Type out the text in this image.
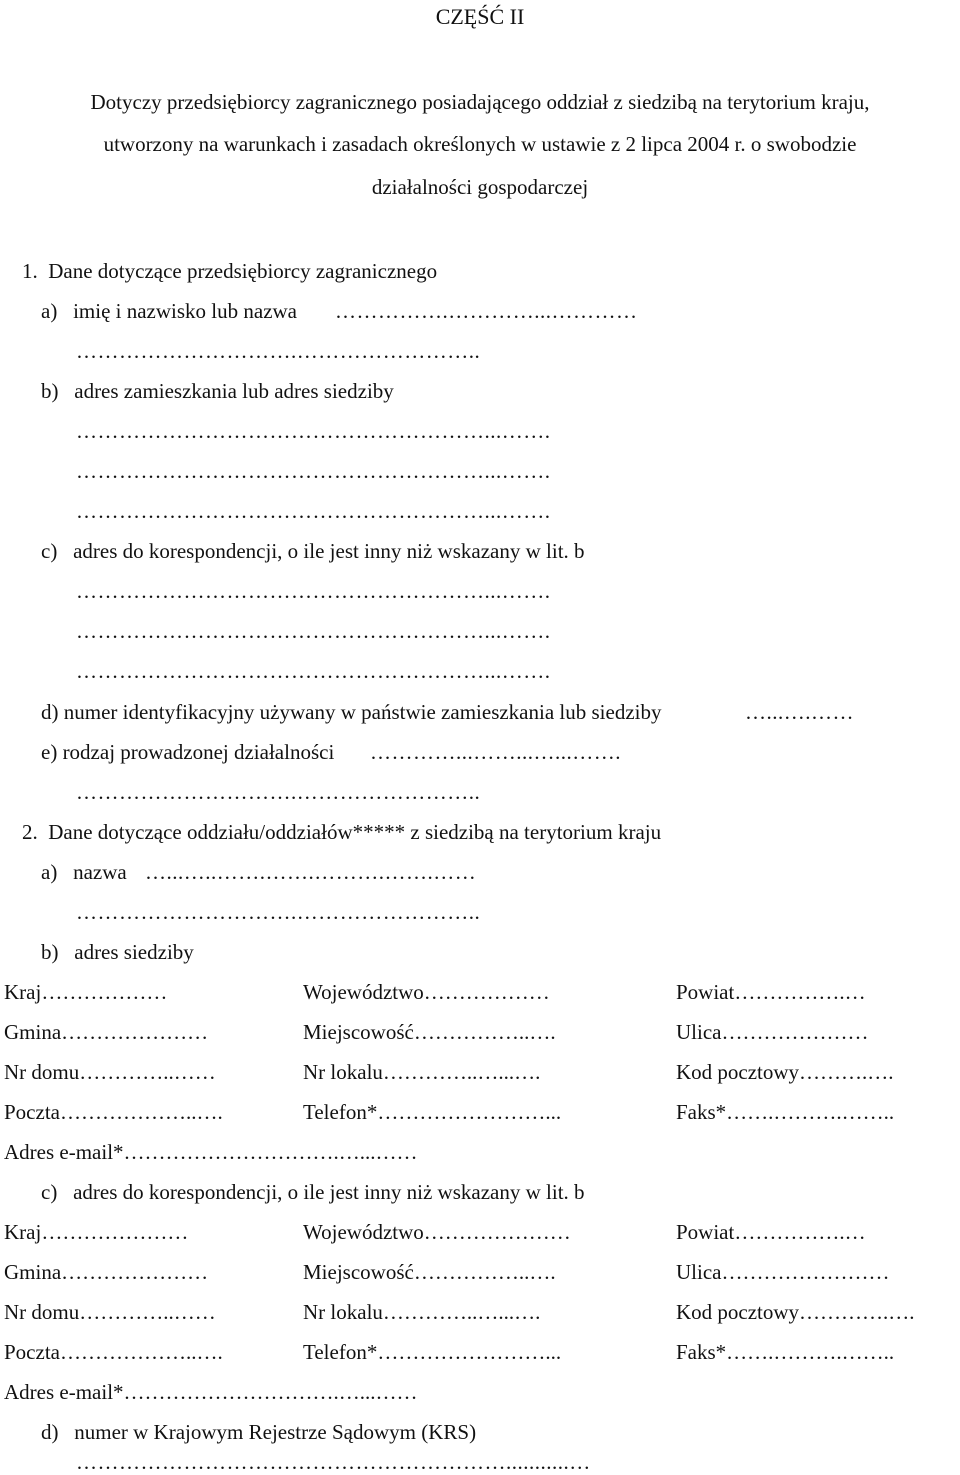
CZĘŚĆ II
Dotyczy przedsiębiorcy zagranicznego posiadającego oddział z siedzibą na terytorium kraju,
utworzony na warunkach i zasadach określonych w ustawie z 2 lipca 2004 r. o swobodzie
działalności gospodarczej
1.  Dane dotyczące przedsiębiorcy zagranicznego
a)   imię i nazwisko lub nazwa …………….…………...…………
………………………….……………………..
b)   adres zamieszkania lub adres siedziby
…………………………………………………...…….
…………………………………………………...…….
…………………………………………………...…….
c)   adres do korespondencji, o ile jest inny niż wskazany w lit. b
…………………………………………………...…….
…………………………………………………...…….
…………………………………………………...…….
d) numer identyfikacyjny używany w państwie zamieszkania lub siedziby	…...….……
e) rodzaj prowadzonej działalności …………...……...…...…….
………………………….……………………..
2.  Dane dotyczące oddziału/oddziałów***** z siedzibą na terytorium kraju
a)   nazwa …...…..…….…….……….…….……
………………………….……………………..
b)   adres siedziby
Kraj………………	Województwo………………	Powiat…………….…
Gmina…………………	Miejscowość……………..….	Ulica…………………
Nr domu…………..……	Nr lokalu…………..…...….	Kod pocztowy……….….
Poczta………………..….	Telefon*……………………...	Faks*…….……….……..
Adres e-mail*………………………….…...……
c)   adres do korespondencji, o ile jest inny niż wskazany w lit. b
Kraj…………………	Województwo…………………	Powiat…………….…
Gmina…………………	Miejscowość……………..….	Ulica……………………
Nr domu…………..……	Nr lokalu…………..…...….	Kod pocztowy………….….
Poczta………………..….	Telefon*……………………...	Faks*…….……….……..
Adres e-mail*………………………….…...……
d)   numer w Krajowym Rejestrze Sądowym (KRS)
……………………………………………………...........…
